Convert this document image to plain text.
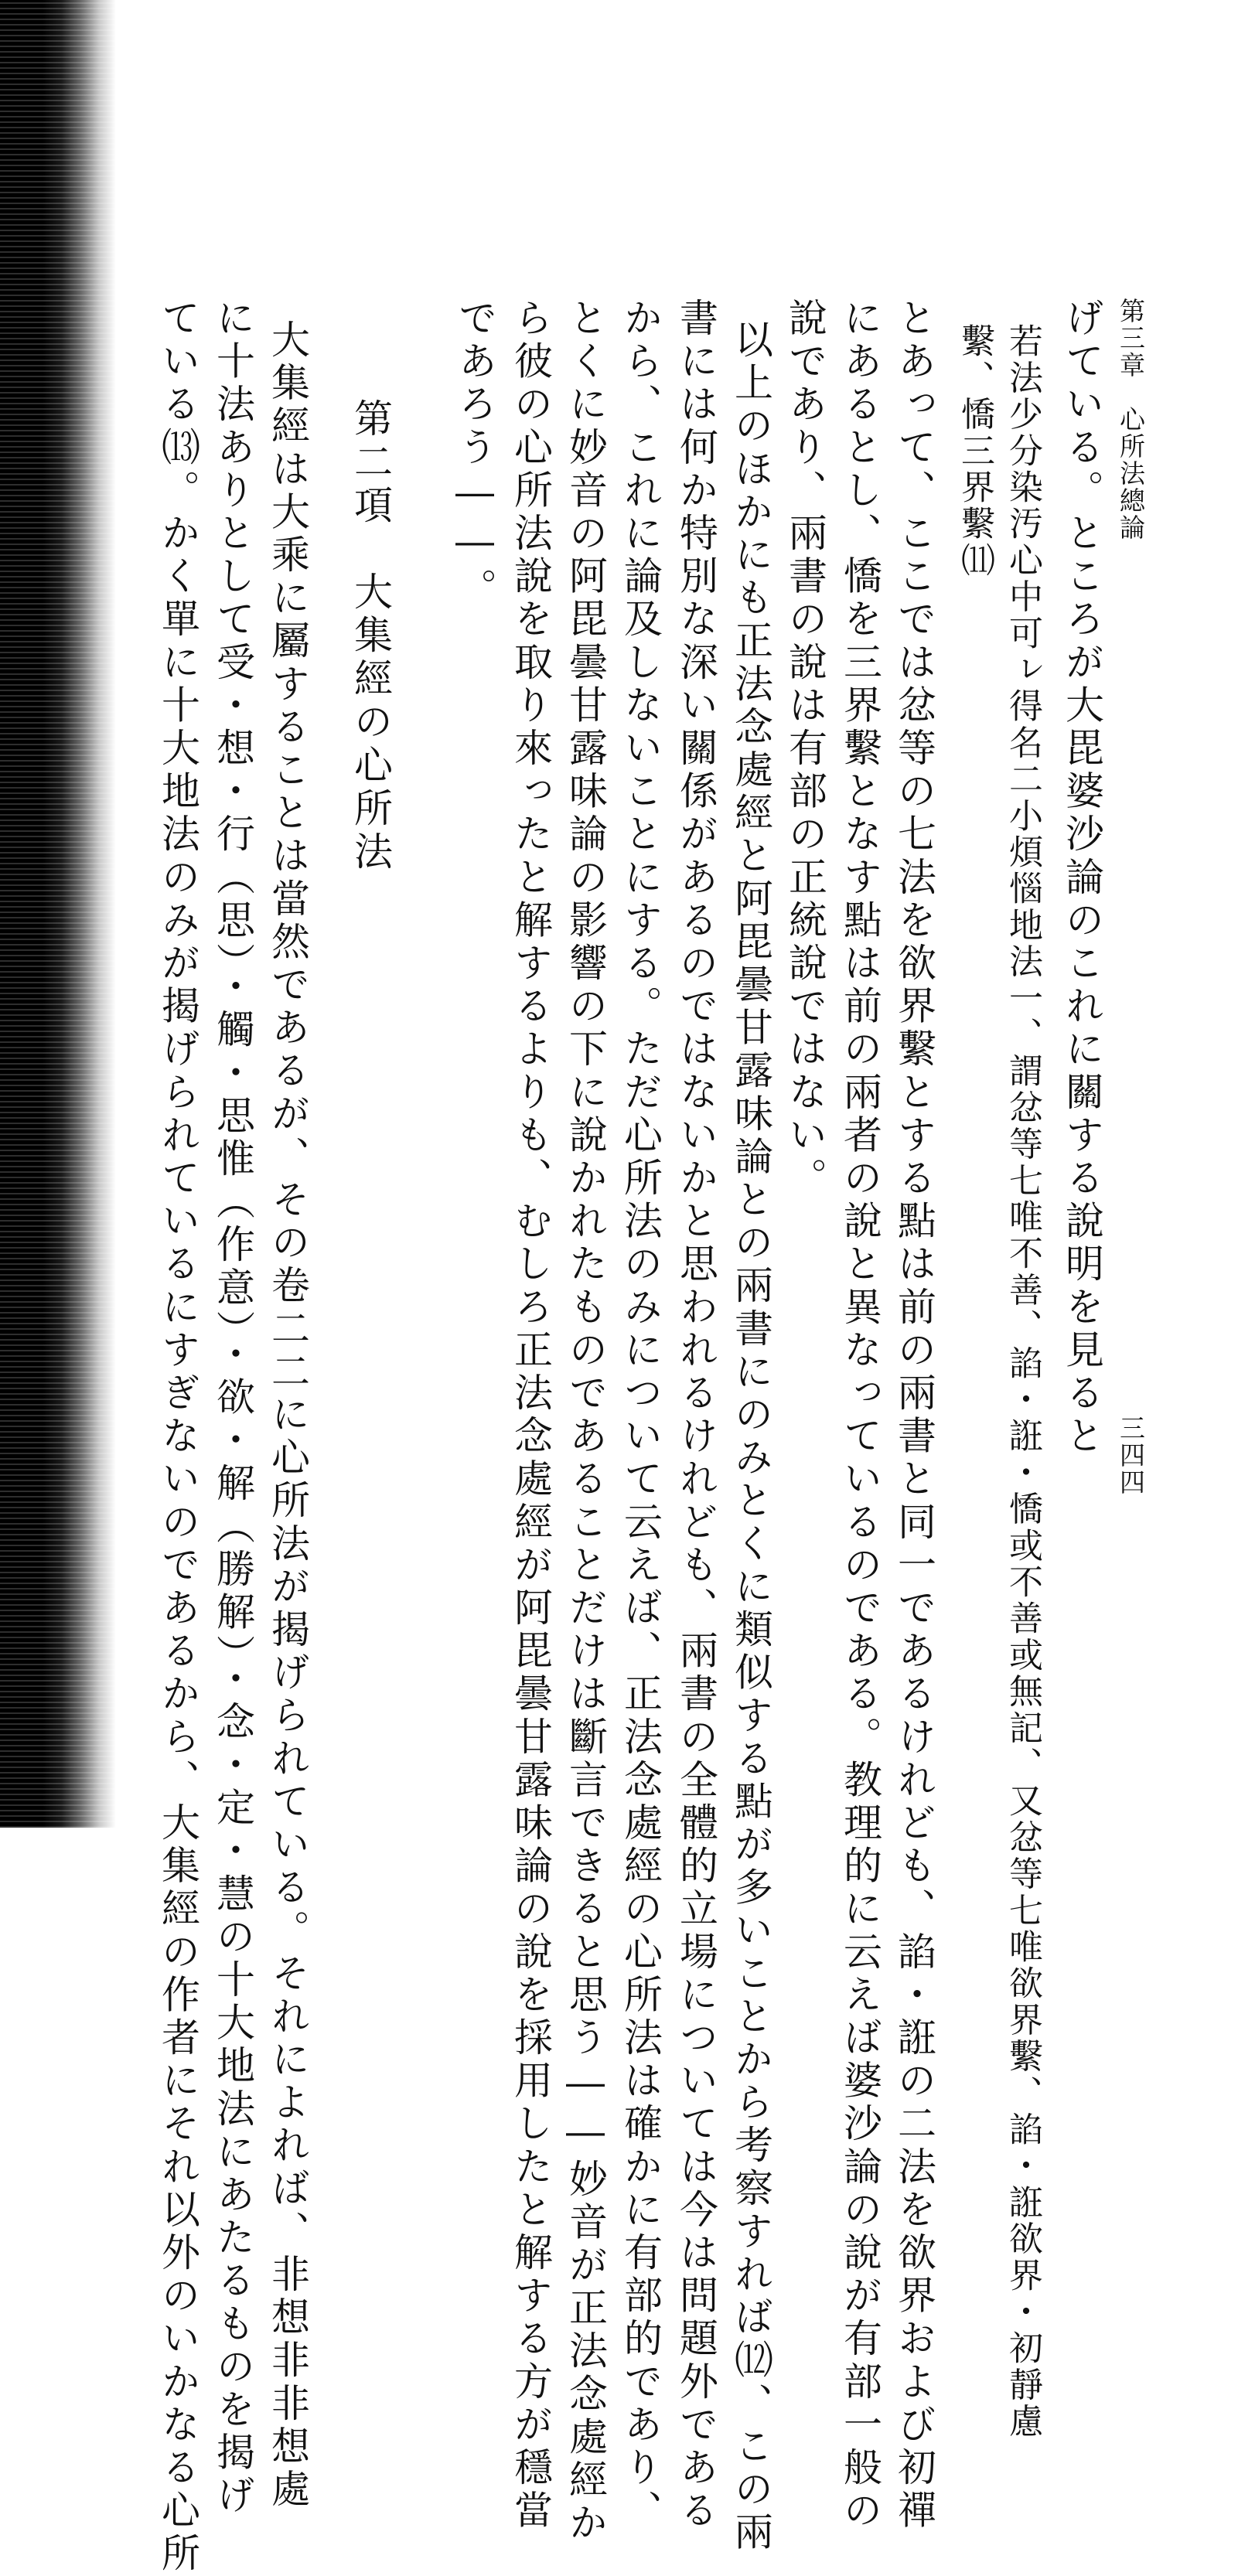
第三章　心所法總論
三四四
げている。ところが大毘婆沙論のこれに關する說明を見ると
若法少分染汚心中可ㇾ得名二小煩惱地法一、謂忿等七唯不善、諂・誑・憍或不善或無記、又忿等七唯欲界繫、諂・誑欲界・初靜慮
繫、憍三界繫⑾
とあって、ここでは忿等の七法を欲界繫とする點は前の兩書と同一であるけれども、諂・誑の二法を欲界および初禪
にあるとし、憍を三界繫となす點は前の兩者の說と異なっているのである。教理的に云えば婆沙論の說が有部一般の
說であり、兩書の說は有部の正統說ではない。
以上のほかにも正法念處經と阿毘曇甘露味論との兩書にのみとくに類似する點が多いことから考察すれば⑿、この兩
書には何か特別な深い關係があるのではないかと思われるけれども、兩書の全體的立場については今は問題外である
から、これに論及しないことにする。ただ心所法のみについて云えば、正法念處經の心所法は確かに有部的であり、
とくに妙音の阿毘曇甘露味論の影響の下に說かれたものであることだけは斷言できると思う――妙音が正法念處經か
ら彼の心所法說を取り來ったと解するよりも、むしろ正法念處經が阿毘曇甘露味論の說を採用したと解する方が穩當
であろう――。
第二項　大集經の心所法
大集經は大乘に屬することは當然であるが、その卷二二に心所法が揭げられている。それによれば、非想非非想處
に十法ありとして受・想・行（思）・觸・思惟（作意）・欲・解（勝解）・念・定・慧の十大地法にあたるものを揭げ
ている⒀。かく單に十大地法のみが揭げられているにすぎないのであるから、大集經の作者にそれ以外のいかなる心所
